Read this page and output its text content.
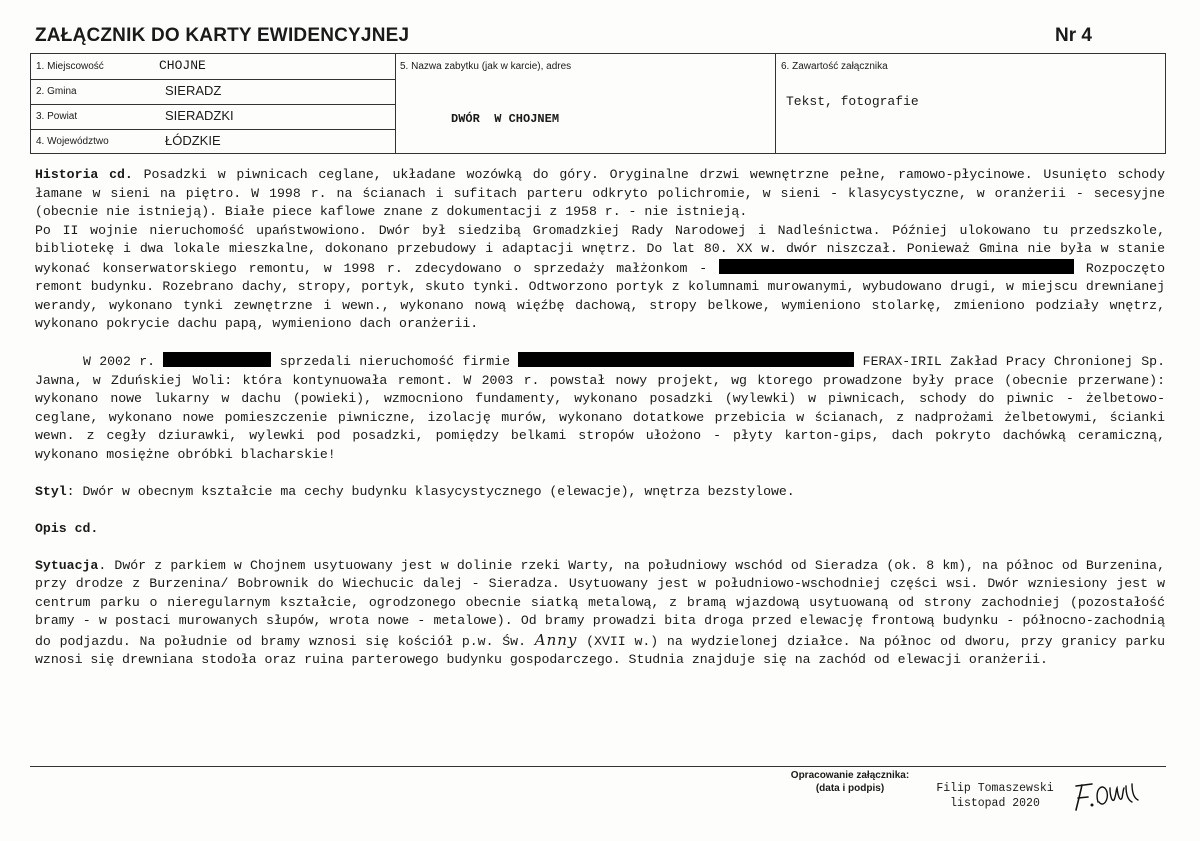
ZAŁĄCZNIK DO KARTY EWIDENCYJNEJ	Nr 4
1. Miejscowość	CHOJNE
2. Gmina	SIERADZ
3. Powiat	SIERADZKI
4. Województwo	ŁÓDZKIE
5. Nazwa zabytku (jak w karcie), adres
DWÓR  W CHOJNEM
6. Zawartość załącznika
Tekst, fotografie

Historia cd. Posadzki w piwnicach ceglane, układane wozówką do góry. Oryginalne drzwi wewnętrzne pełne, ramowo-płycinowe. Usunięto schody łamane w sieni na piętro. W 1998 r. na ścianach i sufitach parteru odkryto polichromie, w sieni - klasycystyczne, w oranżerii - secesyjne (obecnie nie istnieją). Białe piece kaflowe znane z dokumentacji z 1958 r. - nie istnieją.

Po II wojnie nieruchomość upaństwowiono. Dwór był siedzibą Gromadzkiej Rady Narodowej i Nadleśnictwa. Później ulokowano tu przedszkole, bibliotekę i dwa lokale mieszkalne, dokonano przebudowy i adaptacji wnętrz. Do lat 80. XX w. dwór niszczał. Ponieważ Gmina nie była w stanie wykonać konserwatorskiego remontu, w 1998 r. zdecydowano o sprzedaży małżonkom -	Rozpoczęto remont budynku. Rozebrano dachy, stropy, portyk, skuto tynki. Odtworzono portyk z kolumnami murowanymi, wybudowano drugi, w miejscu drewnianej werandy, wykonano tynki zewnętrzne i wewn., wykonano nową więźbę dachową, stropy belkowe, wymieniono stolarkę, zmieniono podziały wnętrz, wykonano pokrycie dachu papą, wymieniono dach oranżerii.

W 2002 r.	sprzedali nieruchomość firmie	FERAX-IRIL Zakład Pracy Chronionej Sp. Jawna, w Zduńskiej Woli: która kontynuowała remont. W 2003 r. powstał nowy projekt, wg ktorego prowadzone były prace (obecnie przerwane): wykonano nowe lukarny w dachu (powieki), wzmocniono fundamenty, wykonano posadzki (wylewki) w piwnicach, schody do piwnic - żelbetowo- ceglane, wykonano nowe pomieszczenie piwniczne, izolację murów, wykonano dotatkowe przebicia w ścianach, z nadprożami żelbetowymi, ścianki wewn. z cegły dziurawki, wylewki pod posadzki, pomiędzy belkami stropów ułożono - płyty karton-gips, dach pokryto dachówką ceramiczną, wykonano mosiężne obróbki blacharskie!

Styl: Dwór w obecnym kształcie ma cechy budynku klasycystycznego (elewacje), wnętrza bezstylowe.

Opis cd.

Sytuacja. Dwór z parkiem w Chojnem usytuowany jest w dolinie rzeki Warty, na południowy wschód od Sieradza (ok. 8 km), na północ od Burzenina, przy drodze z Burzenina/ Bobrownik do Wiechucic dalej - Sieradza. Usytuowany jest w południowo-wschodniej części wsi. Dwór wzniesiony jest w centrum parku o nieregularnym kształcie, ogrodzonego obecnie siatką metalową, z bramą wjazdową usytuowaną od strony zachodniej (pozostałość bramy - w postaci murowanych słupów, wrota nowe - metalowe). Od bramy prowadzi bita droga przed elewację frontową budynku - północno-zachodnią do podjazdu. Na południe od bramy wznosi się kościół p.w. Św. Anny (XVII w.) na wydzielonej działce. Na północ od dworu, przy granicy parku wznosi się drewniana stodoła oraz ruina parterowego budynku gospodarczego. Studnia znajduje się na zachód od elewacji oranżerii.

Opracowanie załącznika:
(data i podpis)	Filip Tomaszewski
listopad 2020
